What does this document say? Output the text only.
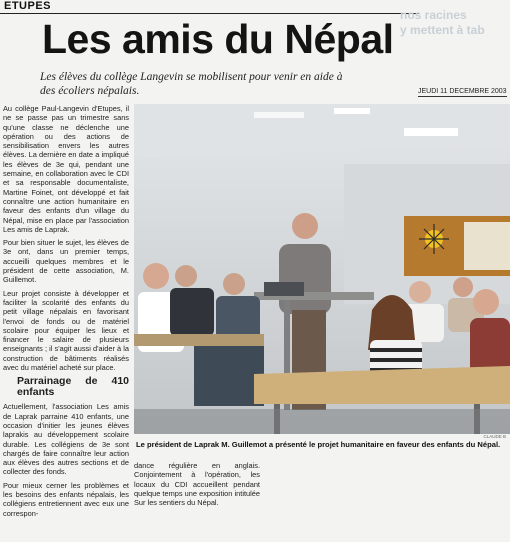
ETUPES
nos racines
y mettent à tab
Les amis du Népal
Les élèves du collège Langevin se mobilisent pour venir en aide à des écoliers népalais.	JEUDI 11 DECEMBRE 2003

Au collège Paul-Langevin d'Etupes, il ne se passe pas un trimestre sans qu'une classe ne déclenche une opération ou des actions de sensibilisation envers les autres élèves. La dernière en date a impliqué les élèves de 3e qui, pendant une semaine, en collaboration avec le CDI et sa responsable documentaliste, Martine Foinet, ont développé et fait connaître une action humanitaire en faveur des enfants d'un village du Népal, mise en place par l'association Les amis de Laprak.

Pour bien situer le sujet, les élèves de 3e ont, dans un premier temps, accueilli quelques membres et le président de cette association, M. Guillemot.

Leur projet consiste à développer et faciliter la scolarité des enfants du petit village népalais en favorisant l'envoi de fonds ou de matériel scolaire pour équiper les lieux et financer le salaire de plusieurs enseignants ; il s'agit aussi d'aider à la construction de bâtiments réalisés avec du matériel acheté sur place.

Parrainage de 410 enfants

Actuellement, l'association Les amis de Laprak parraine 410 enfants, une occasion d'initier les jeunes élèves laprakis au développement scolaire durable. Les collégiens de 3e sont chargés de faire connaître leur action aux élèves des autres sections et de collecter des fonds.

Pour mieux cerner les problèmes et les besoins des enfants népalais, les collégiens entretiennent avec eux une correspon-

CLAUDE B
Le président de Laprak M. Guillemot a présenté le projet humanitaire en faveur des enfants du Népal.

dance régulière en anglais. Conjointement à l'opération, les locaux du CDI accueillent pendant quelque temps une exposition intitulée Sur les sentiers du Népal.
